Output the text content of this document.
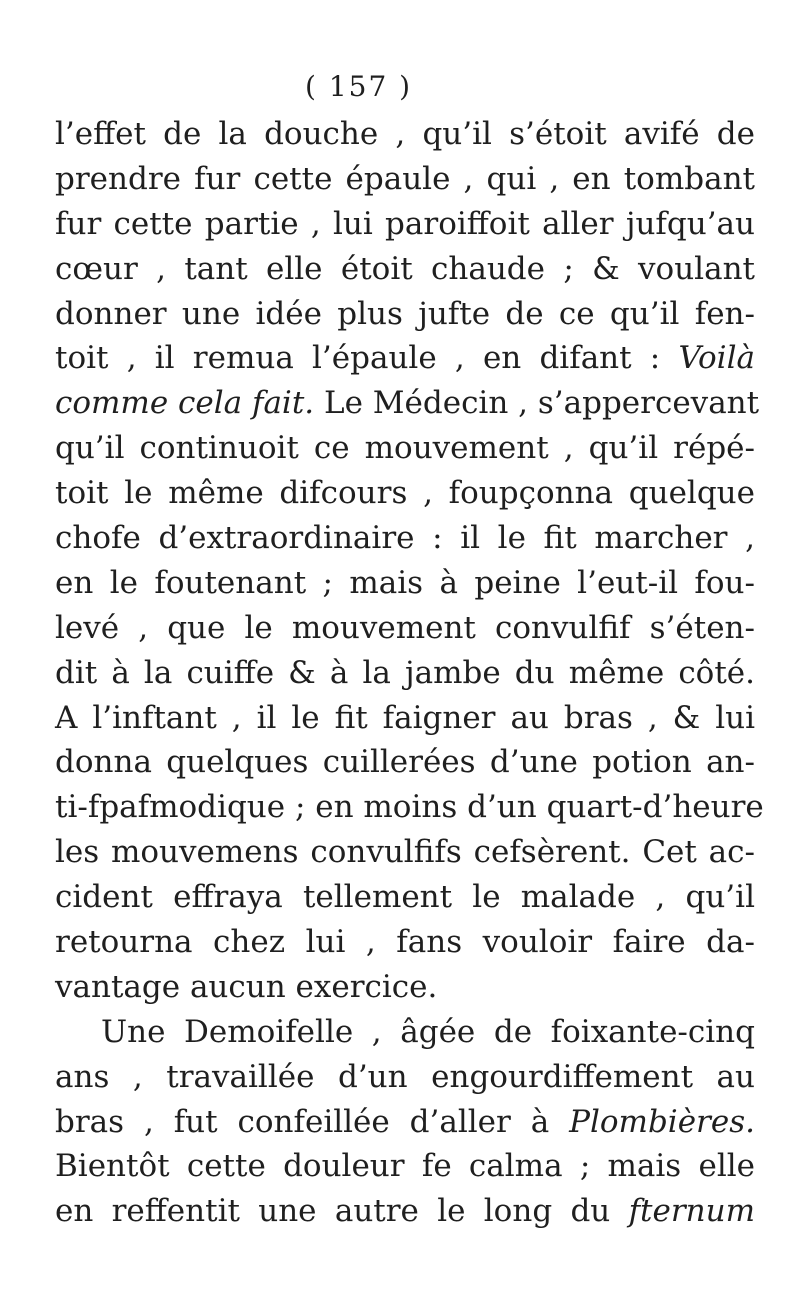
( 157 )
l’effet de la douche , qu’il s’étoit avifé de
prendre fur cette épaule , qui , en tombant
fur cette partie , lui paroiffoit aller jufqu’au
cœur , tant elle étoit chaude ; & voulant
donner une idée plus jufte de ce qu’il fen-
toit , il remua l’épaule , en difant : Voilà
comme cela fait. Le Médecin , s’appercevant
qu’il continuoit ce mouvement , qu’il répé-
toit le même difcours , foupçonna quelque
chofe d’extraordinaire : il le fit marcher ,
en le foutenant ; mais à peine l’eut-il fou-
levé , que le mouvement convulfif s’éten-
dit à la cuiffe & à la jambe du même côté.
A l’inftant , il le fit faigner au bras , & lui
donna quelques cuillerées d’une potion an-
ti-fpafmodique ; en moins d’un quart-d’heure
les mouvemens convulfifs cefsèrent. Cet ac-
cident effraya tellement le malade , qu’il
retourna chez lui , fans vouloir faire da-
vantage aucun exercice.
Une Demoifelle , âgée de foixante-cinq
ans , travaillée d’un engourdiffement au
bras , fut confeillée d’aller à Plombières.
Bientôt cette douleur fe calma ; mais elle
en reffentit une autre le long du fternum
